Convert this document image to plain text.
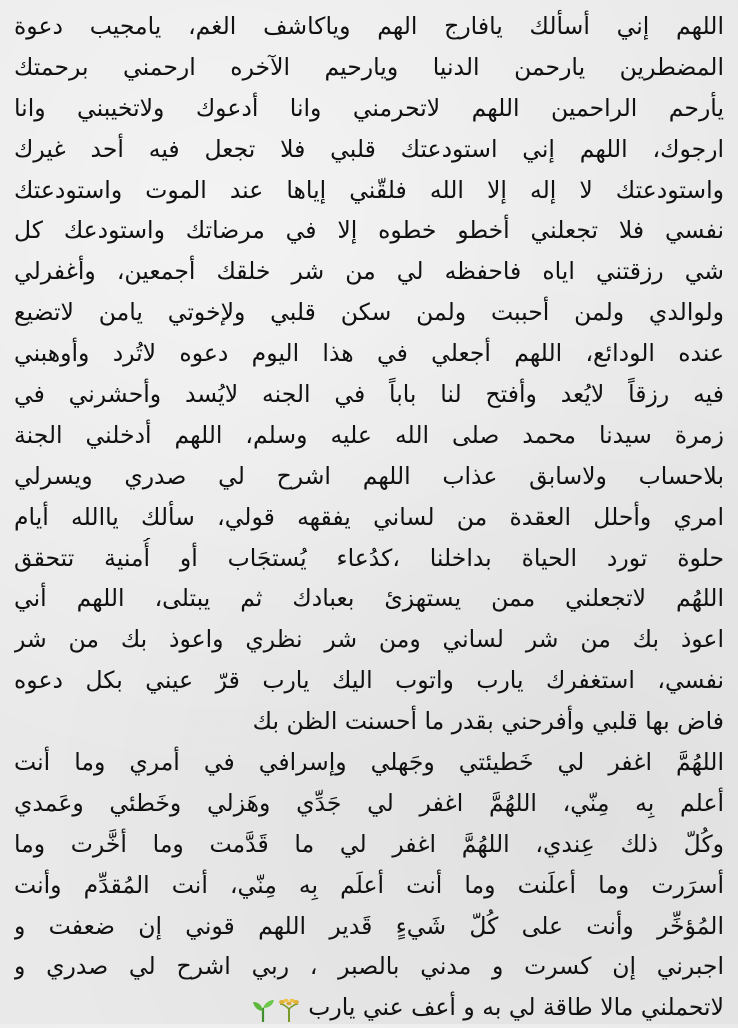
اللهم إني أسألك يافارج الهم وياكاشف الغم، يامجيب دعوة
المضطرين يارحمن الدنيا ويارحيم الآخره ارحمني برحمتك
يأرحم الراحمين اللهم لاتحرمني وانا أدعوك ولاتخيبني وانا
ارجوك، اللهم إني استودعتك قلبي فلا تجعل فيه أحد غيرك
واستودعتك لا إله إلا الله فلقّني إياها عند الموت واستودعتك
نفسي فلا تجعلني أخطو خطوه إلا في مرضاتك واستودعك كل
شي رزقتني اياه فاحفظه لي من شر خلقك أجمعين، وأغفرلي
ولوالدي ولمن أحببت ولمن سكن قلبي ولإخوتي يامن لاتضيع
عنده الودائع، اللهم أجعلي في هذا اليوم دعوه لاتُرد وأوهبني
فيه رزقاً لايُعد وأفتح لنا باباً في الجنه لايُسد وأحشرني في
زمرة سيدنا محمد صلى الله عليه وسلم، اللهم أدخلني الجنة
بلاحساب ولاسابق عذاب اللهم اشرح لي صدري ويسرلي
امري وأحلل العقدة من لساني يفقهه قولي، سألك ياالله أيام
حلوة تورد الحياة بداخلنا ،كدُعاء يُستجَاب أو أُمنية تتحقق
اللهُم لاتجعلني ممن يستهزئ بعبادك ثم يبتلى، اللهم أني
اعوذ بك من شر لساني ومن شر نظري واعوذ بك من شر
نفسي، استغفرك يارب واتوب اليك يارب قرّ عيني بكل دعوه
فاض بها قلبي وأفرحني بقدر ما أحسنت الظن بك
اللهُمَّ اغفر لي خَطيئتي وجَهلي وإسرافي في أمري وما أنت
أعلم بِه مِنّي، اللهُمَّ اغفر لي جَدِّي وهَزلي وخَطئي وعَمدي
وكُلّ ذلك عِندي، اللهُمَّ اغفر لي ما قَدَّمت وما أخَّرت وما
أسرَرت وما أعلَنت وما أنت أعلَم بِه مِنّي، أنت المُقدِّم وأنت
المُؤخِّر وأنت على كُلّ شَيءٍ قَدير اللهم قوني إن ضعفت و
اجبرني إن كسرت و مدني بالصبر ، ربي اشرح لي صدري و
لاتحملني مالا طاقة لي به و أعف عني يارب
